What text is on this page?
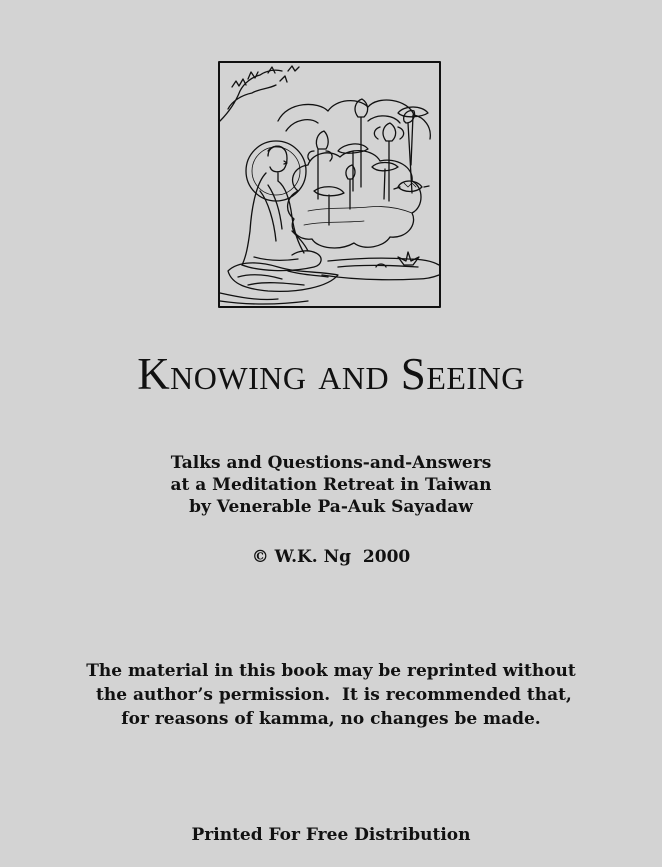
Knowing and Seeing
Talks and Questions-and-Answers
at a Meditation Retreat in Taiwan
by Venerable Pa-Auk Sayadaw
© W.K. Ng  2000
The material in this book may be reprinted without
the author’s permission.  It is recommended that,
for reasons of kamma, no changes be made.
Printed For Free Distribution
